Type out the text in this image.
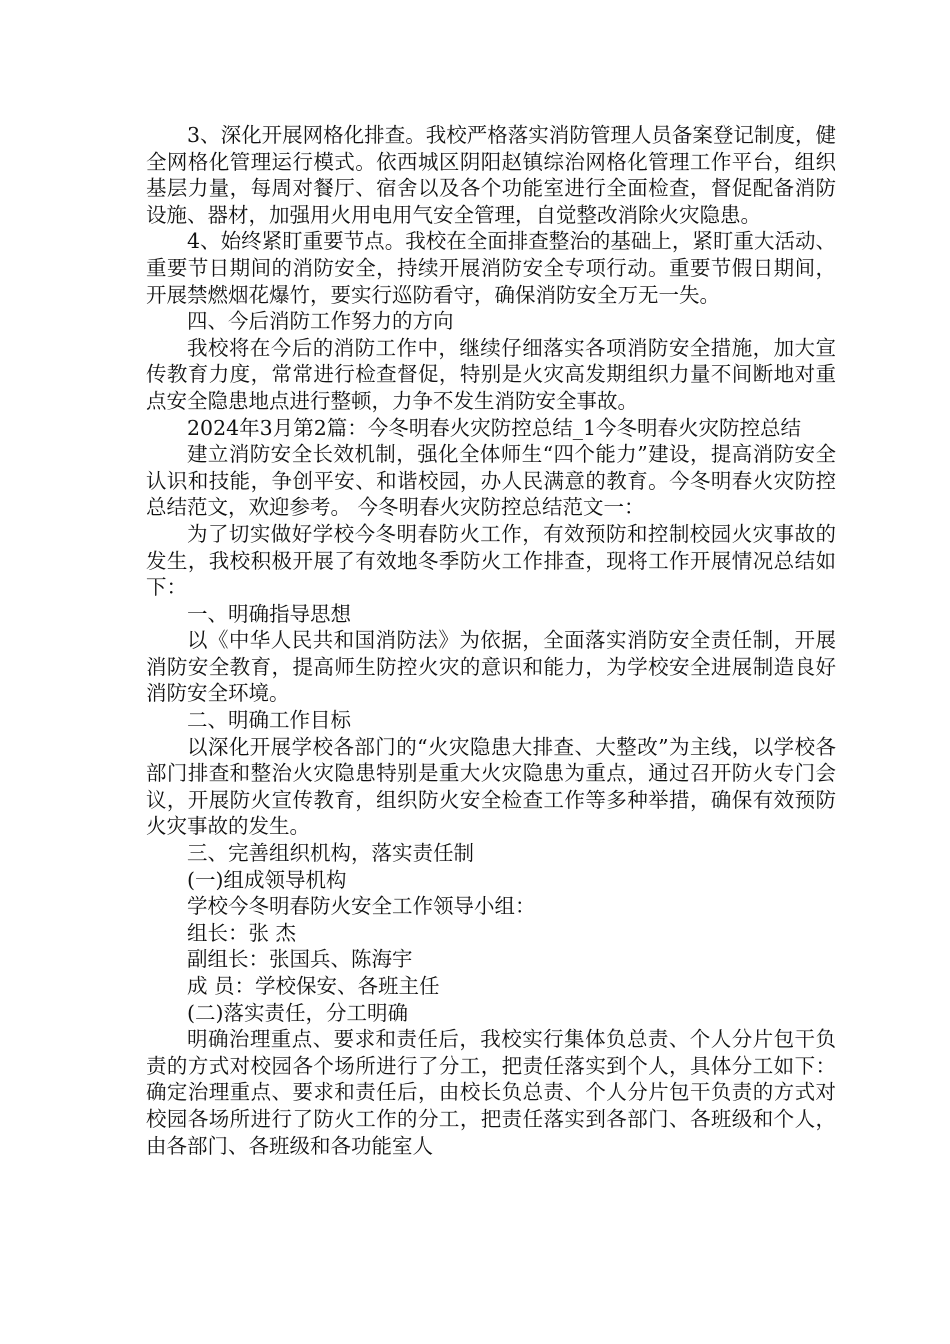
3、深化开展网格化排查。我校严格落实消防管理人员备案登记制度，健全网格化管理运行模式。依西城区阴阳赵镇综治网格化管理工作平台，组织基层力量，每周对餐厅、宿舍以及各个功能室进行全面检查，督促配备消防设施、器材，加强用火用电用气安全管理，自觉整改消除火灾隐患。

4、始终紧盯重要节点。我校在全面排查整治的基础上，紧盯重大活动、重要节日期间的消防安全，持续开展消防安全专项行动。重要节假日期间，开展禁燃烟花爆竹，要实行巡防看守，确保消防安全万无一失。

四、今后消防工作努力的方向

我校将在今后的消防工作中，继续仔细落实各项消防安全措施，加大宣传教育力度，常常进行检查督促，特别是火灾高发期组织力量不间断地对重点安全隐患地点进行整顿，力争不发生消防安全事故。

2024年3月第2篇：今冬明春火灾防控总结_1今冬明春火灾防控总结

建立消防安全长效机制，强化全体师生“四个能力”建设，提高消防安全认识和技能，争创平安、和谐校园，办人民满意的教育。今冬明春火灾防控总结范文，欢迎参考。 今冬明春火灾防控总结范文一：

为了切实做好学校今冬明春防火工作，有效预防和控制校园火灾事故的发生，我校积极开展了有效地冬季防火工作排查，现将工作开展情况总结如下：

一、明确指导思想

以《中华人民共和国消防法》为依据，全面落实消防安全责任制，开展消防安全教育，提高师生防控火灾的意识和能力，为学校安全进展制造良好消防安全环境。

二、明确工作目标

以深化开展学校各部门的“火灾隐患大排查、大整改”为主线，以学校各部门排查和整治火灾隐患特别是重大火灾隐患为重点，通过召开防火专门会议，开展防火宣传教育，组织防火安全检查工作等多种举措，确保有效预防火灾事故的发生。

三、完善组织机构，落实责任制

(一)组成领导机构

学校今冬明春防火安全工作领导小组：

组长：张 杰

副组长：张国兵、陈海宇

成 员：学校保安、各班主任

(二)落实责任，分工明确

明确治理重点、要求和责任后，我校实行集体负总责、个人分片包干负责的方式对校园各个场所进行了分工，把责任落实到个人，具体分工如下：确定治理重点、要求和责任后，由校长负总责、个人分片包干负责的方式对校园各场所进行了防火工作的分工，把责任落实到各部门、各班级和个人，由各部门、各班级和各功能室人
